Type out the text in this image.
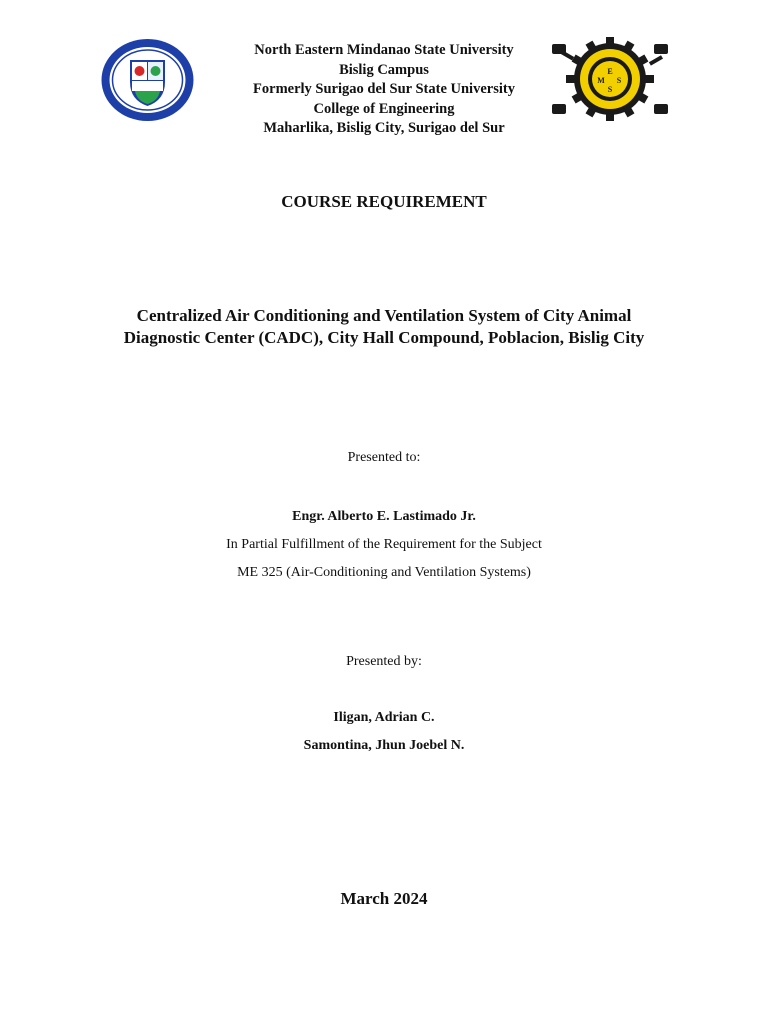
E
M S
S
North Eastern Mindanao State University
Bislig Campus
Formerly Surigao del Sur State University
College of Engineering
Maharlika, Bislig City, Surigao del Sur
COURSE REQUIREMENT
Centralized Air Conditioning and Ventilation System of City Animal
Diagnostic Center (CADC), City Hall Compound, Poblacion, Bislig City
Presented to:
Engr. Alberto E. Lastimado Jr.
In Partial Fulfillment of the Requirement for the Subject
ME 325 (Air-Conditioning and Ventilation Systems)
Presented by:
Iligan, Adrian C.
Samontina, Jhun Joebel N.
March 2024
